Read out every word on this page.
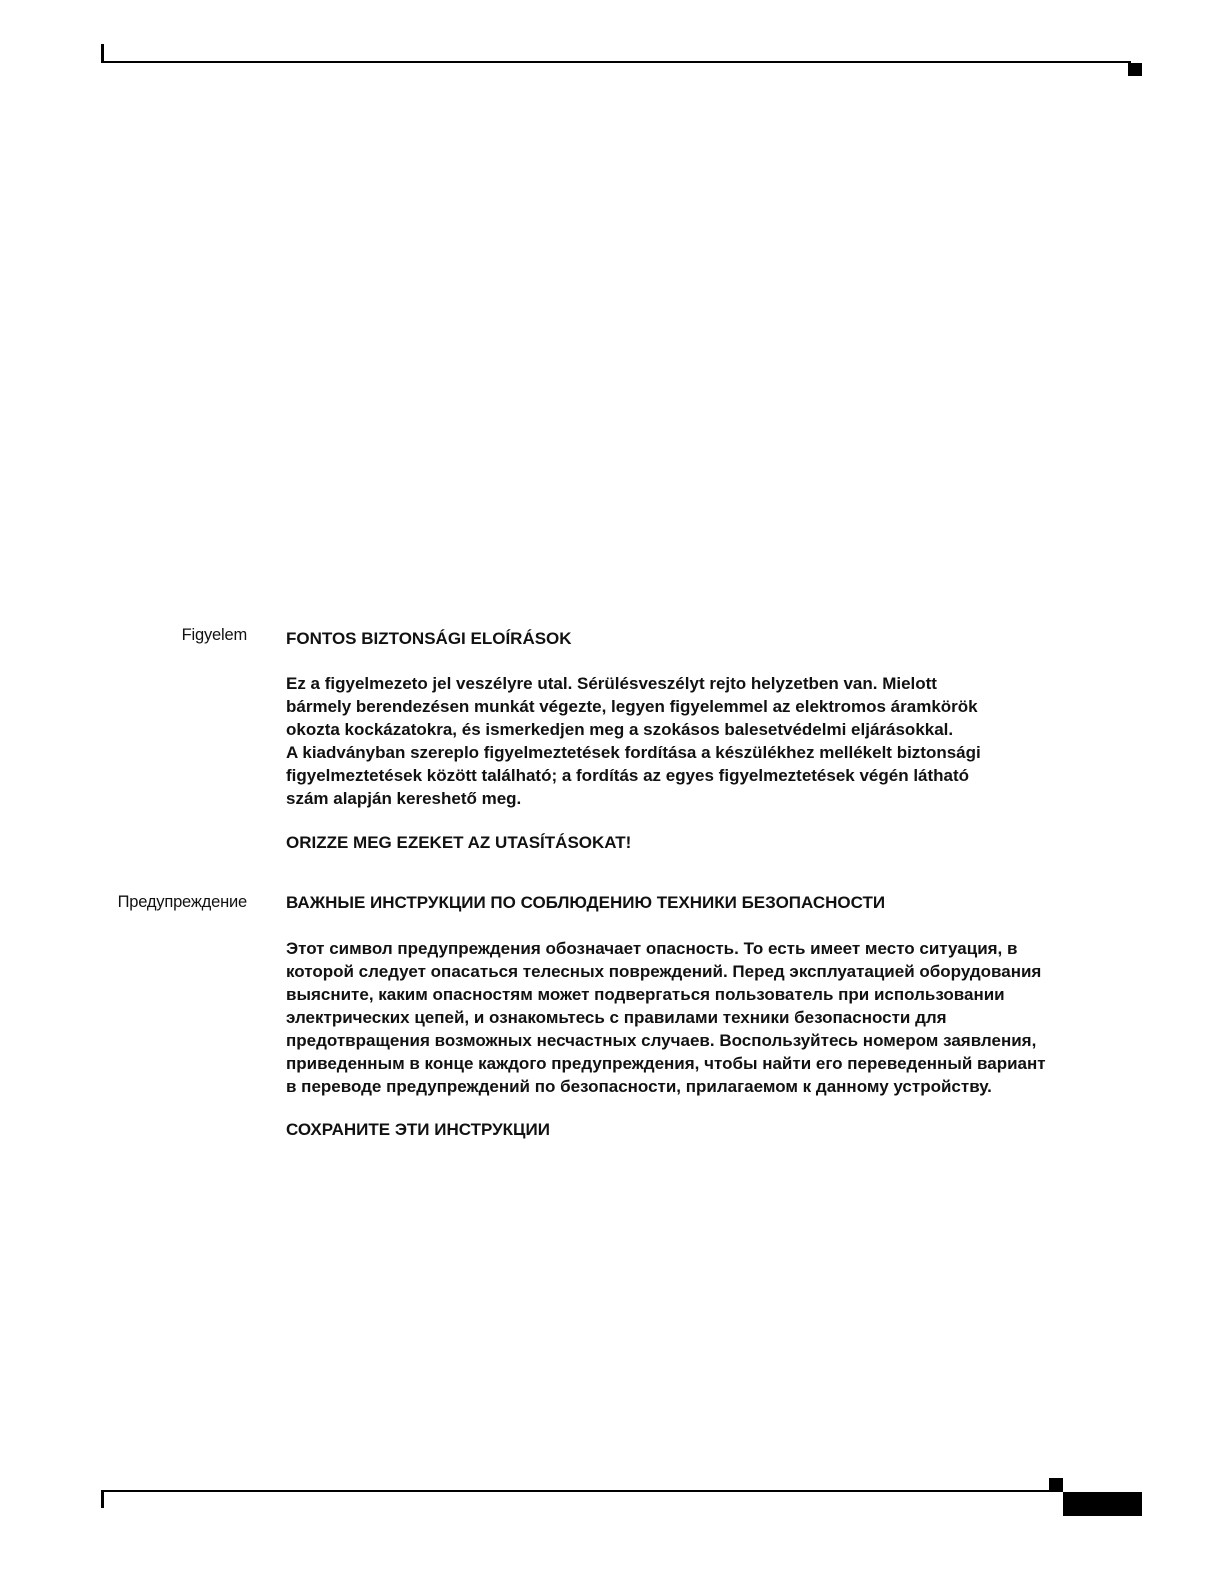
Figyelem FONTOS BIZTONSÁGI ELOÍRÁSOK
Ez a figyelmezeto jel veszélyre utal. Sérülésveszélyt rejto helyzetben van. Mielott
bármely berendezésen munkát végezte, legyen figyelemmel az elektromos áramkörök
okozta kockázatokra, és ismerkedjen meg a szokásos balesetvédelmi eljárásokkal.
A kiadványban szereplo figyelmeztetések fordítása a készülékhez mellékelt biztonsági
figyelmeztetések között található; a fordítás az egyes figyelmeztetések végén látható
szám alapján kereshető meg.
ORIZZE MEG EZEKET AZ UTASÍTÁSOKAT!
Предупреждение ВАЖНЫЕ ИНСТРУКЦИИ ПО СОБЛЮДЕНИЮ ТЕХНИКИ БЕЗОПАСНОСТИ
Этот символ предупреждения обозначает опасность. То есть имеет место ситуация, в
которой следует опасаться телесных повреждений. Перед эксплуатацией оборудования
выясните, каким опасностям может подвергаться пользователь при использовании
электрических цепей, и ознакомьтесь с правилами техники безопасности для
предотвращения возможных несчастных случаев. Воспользуйтесь номером заявления,
приведенным в конце каждого предупреждения, чтобы найти его переведенный вариант
в переводе предупреждений по безопасности, прилагаемом к данному устройству.
СОХРАНИТЕ ЭТИ ИНСТРУКЦИИ
